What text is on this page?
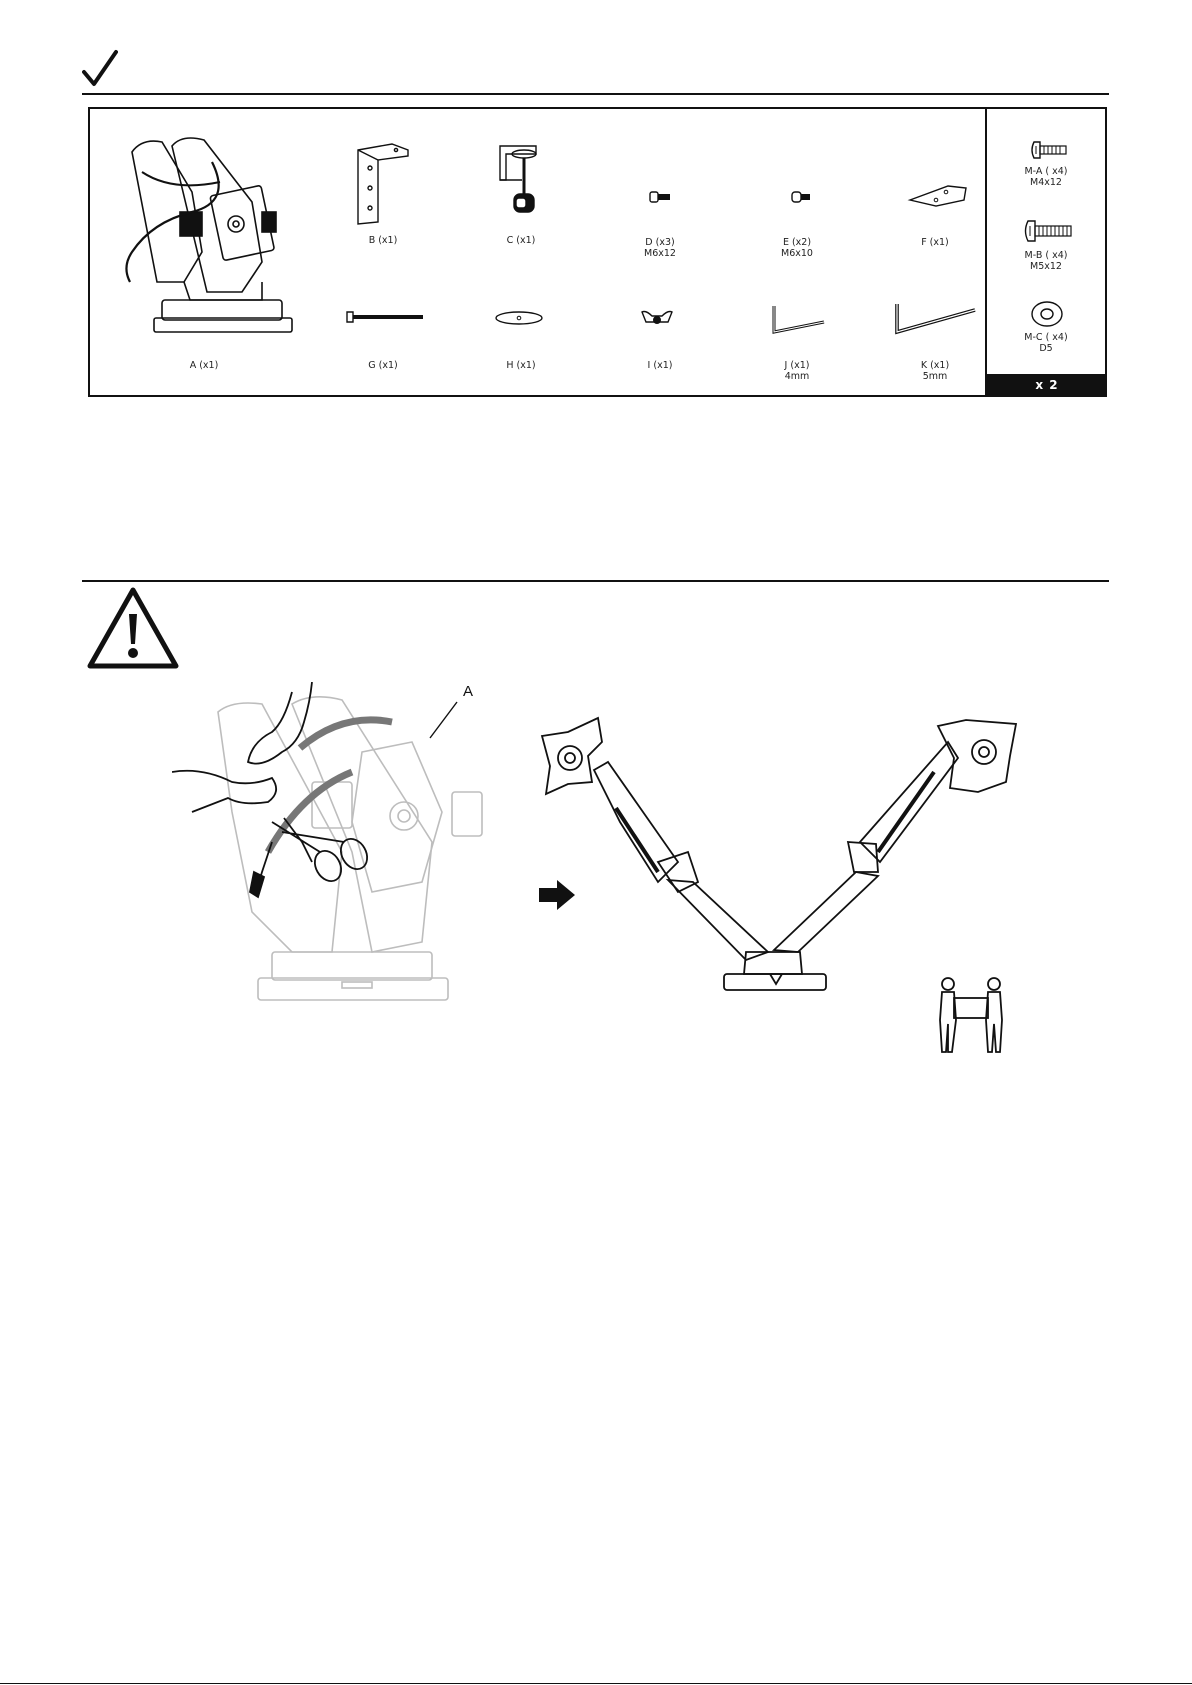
A (x1)
B (x1)	C (x1)	D (x3)
M6x12
E (x2)
M6x10
F (x1)
G (x1)	H (x1)	I (x1)	J (x1)
4mm
K (x1)
5mm
M-A ( x4)
M4x12
M-B ( x4)
M5x12
M-C ( x4)
D5
x 2
A
